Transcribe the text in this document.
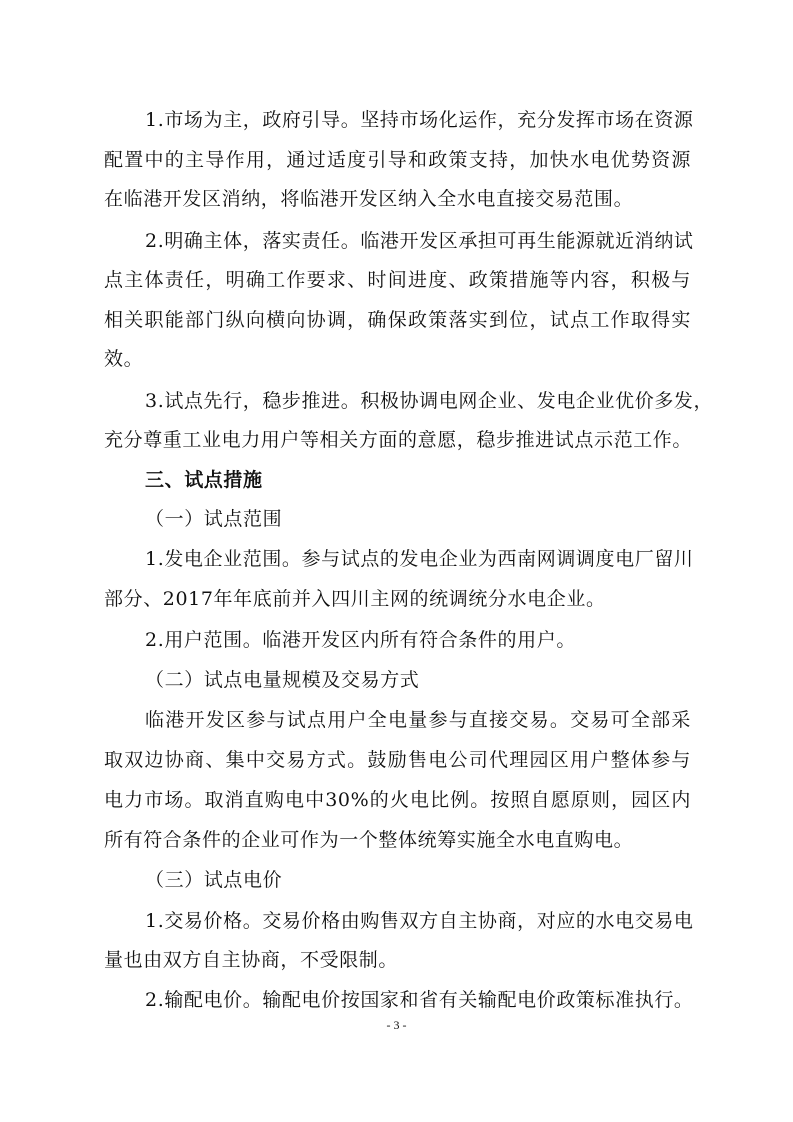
1.市场为主，政府引导。坚持市场化运作，充分发挥市场在资源
配置中的主导作用，通过适度引导和政策支持，加快水电优势资源
在临港开发区消纳，将临港开发区纳入全水电直接交易范围。
2.明确主体，落实责任。临港开发区承担可再生能源就近消纳试
点主体责任，明确工作要求、时间进度、政策措施等内容，积极与
相关职能部门纵向横向协调，确保政策落实到位，试点工作取得实
效。
3.试点先行，稳步推进。积极协调电网企业、发电企业优价多发，
充分尊重工业电力用户等相关方面的意愿，稳步推进试点示范工作。
三、试点措施
（一）试点范围
1.发电企业范围。参与试点的发电企业为西南网调调度电厂留川
部分、2017年年底前并入四川主网的统调统分水电企业。
2.用户范围。临港开发区内所有符合条件的用户。
（二）试点电量规模及交易方式
临港开发区参与试点用户全电量参与直接交易。交易可全部采
取双边协商、集中交易方式。鼓励售电公司代理园区用户整体参与
电力市场。取消直购电中30%的火电比例。按照自愿原则，园区内
所有符合条件的企业可作为一个整体统筹实施全水电直购电。
（三）试点电价
1.交易价格。交易价格由购售双方自主协商，对应的水电交易电
量也由双方自主协商，不受限制。
2.输配电价。输配电价按国家和省有关输配电价政策标准执行。
- 3 -
